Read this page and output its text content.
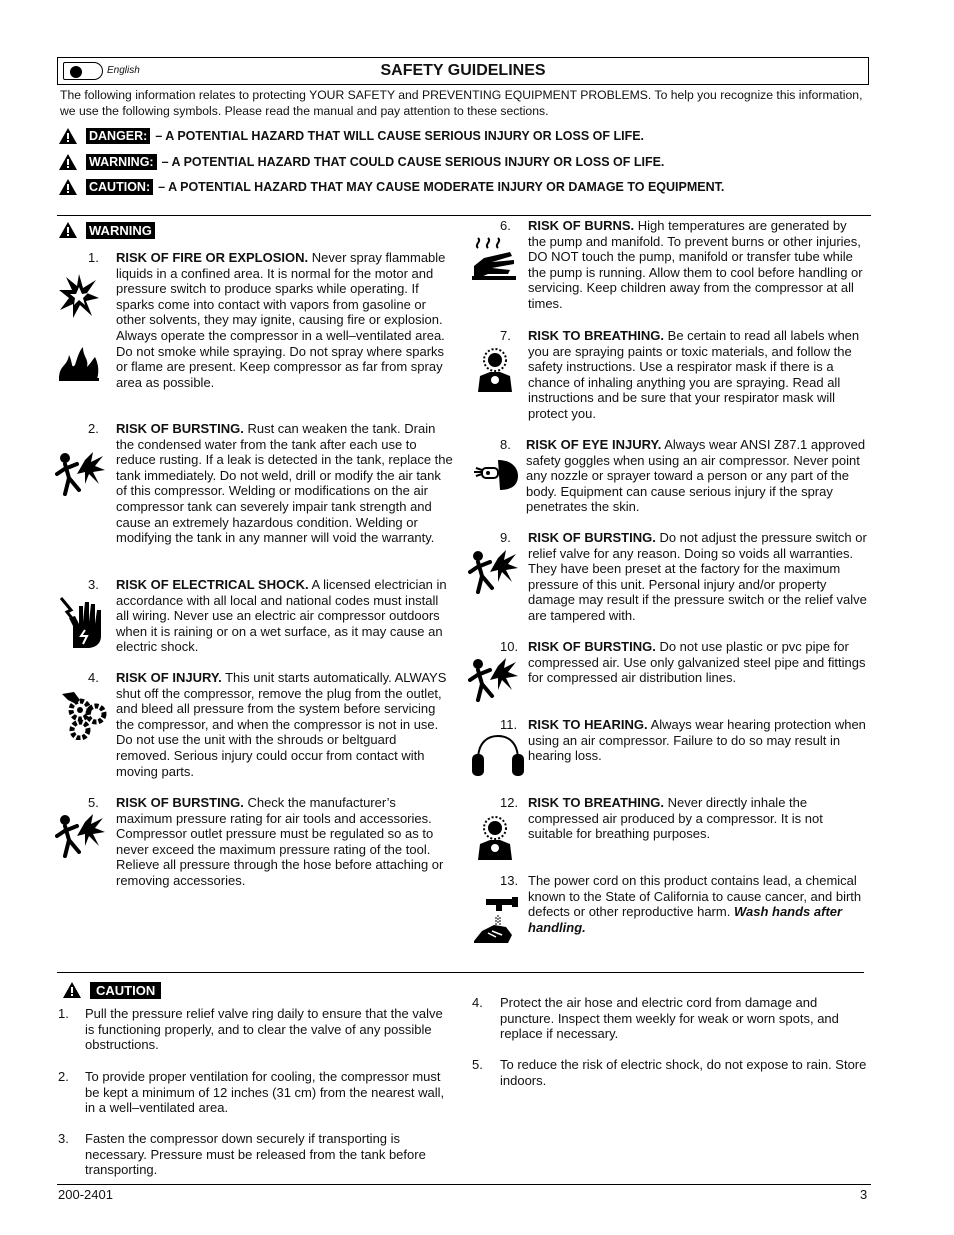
English	SAFETY GUIDELINES
The following information relates to protecting YOUR SAFETY and PREVENTING EQUIPMENT PROBLEMS. To help you recognize this information, we use the following symbols. Please read the manual and pay attention to these sections.
DANGER: – A POTENTIAL HAZARD THAT WILL CAUSE SERIOUS INJURY OR LOSS OF LIFE.
WARNING: – A POTENTIAL HAZARD THAT COULD CAUSE SERIOUS INJURY OR LOSS OF LIFE.
CAUTION: – A POTENTIAL HAZARD THAT MAY CAUSE MODERATE INJURY OR DAMAGE TO EQUIPMENT.
WARNING
1. RISK OF FIRE OR EXPLOSION. Never spray flammable liquids in a confined area. It is normal for the motor and pressure switch to produce sparks while operating. If sparks come into contact with vapors from gasoline or other solvents, they may ignite, causing fire or explosion. Always operate the compressor in a well–ventilated area. Do not smoke while spraying. Do not spray where sparks or flame are present. Keep compressor as far from spray area as possible.
2. RISK OF BURSTING. Rust can weaken the tank. Drain the condensed water from the tank after each use to reduce rusting. If a leak is detected in the tank, replace the tank immediately. Do not weld, drill or modify the air tank of this compressor. Welding or modifications on the air compressor tank can severely impair tank strength and cause an extremely hazardous condition. Welding or modifying the tank in any manner will void the warranty.
3. RISK OF ELECTRICAL SHOCK. A licensed electrician in accordance with all local and national codes must install all wiring. Never use an electric air compressor outdoors when it is raining or on a wet surface, as it may cause an electric shock.
4. RISK OF INJURY. This unit starts automatically. ALWAYS shut off the compressor, remove the plug from the outlet, and bleed all pressure from the system before servicing the compressor, and when the compressor is not in use. Do not use the unit with the shrouds or beltguard removed. Serious injury could occur from contact with moving parts.
5. RISK OF BURSTING. Check the manufacturer’s maximum pressure rating for air tools and accessories. Compressor outlet pressure must be regulated so as to never exceed the maximum pressure rating of the tool. Relieve all pressure through the hose before attaching or removing accessories.
6. RISK OF BURNS. High temperatures are generated by the pump and manifold. To prevent burns or other injuries, DO NOT touch the pump, manifold or transfer tube while the pump is running. Allow them to cool before handling or servicing. Keep children away from the compressor at all times.
7. RISK TO BREATHING. Be certain to read all labels when you are spraying paints or toxic materials, and follow the safety instructions. Use a respirator mask if there is a chance of inhaling anything you are spraying. Read all instructions and be sure that your respirator mask will protect you.
8. RISK OF EYE INJURY. Always wear ANSI Z87.1 approved safety goggles when using an air compressor. Never point any nozzle or sprayer toward a person or any part of the body. Equipment can cause serious injury if the spray penetrates the skin.
9. RISK OF BURSTING. Do not adjust the pressure switch or relief valve for any reason. Doing so voids all warranties. They have been preset at the factory for the maximum pressure of this unit. Personal injury and/or property damage may result if the pressure switch or the relief valve are tampered with.
10. RISK OF BURSTING. Do not use plastic or pvc pipe for compressed air. Use only galvanized steel pipe and fittings for compressed air distribution lines.
11. RISK TO HEARING. Always wear hearing protection when using an air compressor. Failure to do so may result in hearing loss.
12. RISK TO BREATHING. Never directly inhale the compressed air produced by a compressor. It is not suitable for breathing purposes.
13. The power cord on this product contains lead, a chemical known to the State of California to cause cancer, and birth defects or other reproductive harm. Wash hands after handling.
CAUTION
1. Pull the pressure relief valve ring daily to ensure that the valve is functioning properly, and to clear the valve of any possible obstructions.
2. To provide proper ventilation for cooling, the compressor must be kept a minimum of 12 inches (31 cm) from the nearest wall, in a well–ventilated area.
3. Fasten the compressor down securely if transporting is necessary. Pressure must be released from the tank before transporting.
4. Protect the air hose and electric cord from damage and puncture. Inspect them weekly for weak or worn spots, and replace if necessary.
5. To reduce the risk of electric shock, do not expose to rain. Store indoors.
200-2401	3
